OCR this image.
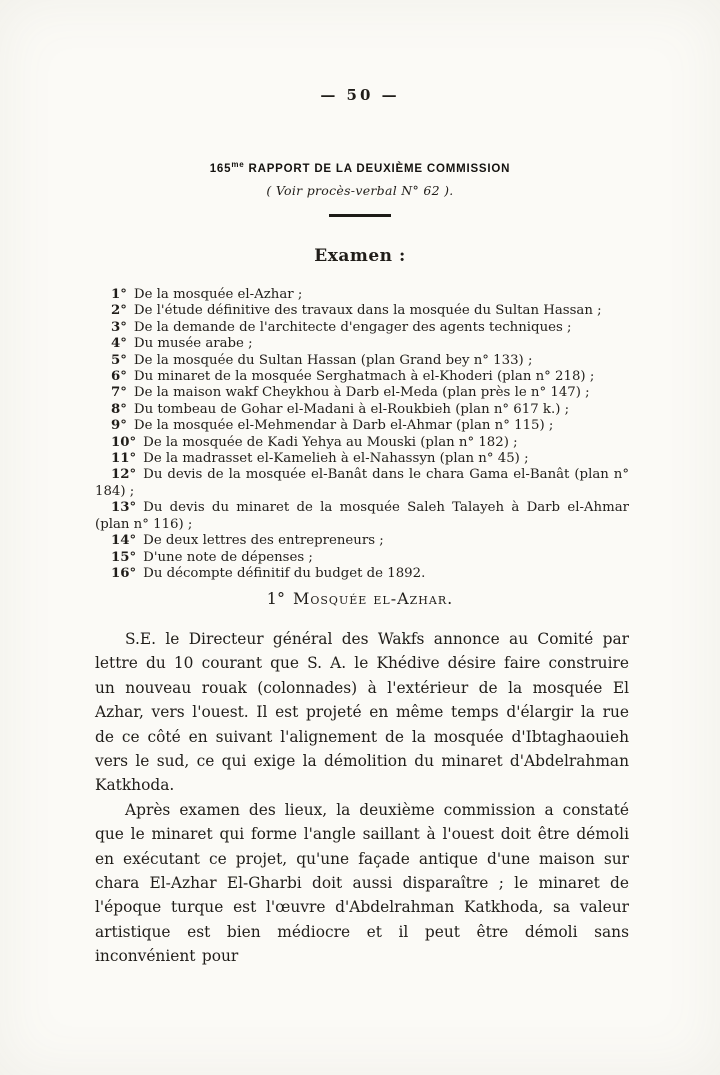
— 50 —
$165^{me}$ RAPPORT DE LA DEUXIÈME COMMISSION
( Voir procès-verbal N° 62 ).
Examen :
1° De la mosquée el-Azhar ;
2° De l'étude définitive des travaux dans la mosquée du Sultan Hassan ;
3° De la demande de l'architecte d'engager des agents techniques ;
4° Du musée arabe ;
5° De la mosquée du Sultan Hassan (plan Grand bey n° 133) ;
6° Du minaret de la mosquée Serghatmach à el-Khoderi (plan n° 218) ;
7° De la maison wakf Cheykhou à Darb el-Meda (plan près le n° 147) ;
8° Du tombeau de Gohar el-Madani à el-Roukbieh (plan n° 617 k.) ;
9° De la mosquée el-Mehmendar à Darb el-Ahmar (plan n° 115) ;
10° De la mosquée de Kadi Yehya au Mouski (plan n° 182) ;
11° De la madrasset el-Kamelieh à el-Nahassyn (plan n° 45) ;
12° Du devis de la mosquée el-Banât dans le chara Gama el-Banât (plan n° 184) ;
13° Du devis du minaret de la mosquée Saleh Talayeh à Darb el-Ahmar (plan n° 116) ;
14° De deux lettres des entrepreneurs ;
15° D'une note de dépenses ;
16° Du décompte définitif du budget de 1892.
1° Mosquée el-Azhar.

S.E. le Directeur général des Wakfs annonce au Comité par lettre du 10 courant que S. A. le Khédive désire faire construire un nouveau rouak (colonnades) à l'extérieur de la mosquée El Azhar, vers l'ouest. Il est projeté en même temps d'élargir la rue de ce côté en suivant l'alignement de la mosquée d'Ibtaghaouieh vers le sud, ce qui exige la démolition du minaret d'Abdelrahman Katkhoda.

Après examen des lieux, la deuxième commission a constaté que le minaret qui forme l'angle saillant à l'ouest doit être démoli en exécutant ce projet, qu'une façade antique d'une maison sur chara El-Azhar El-Gharbi doit aussi disparaître ; le minaret de l'époque turque est l'œuvre d'Abdelrahman Katkhoda, sa valeur artistique est bien médiocre et il peut être démoli sans inconvénient pour
